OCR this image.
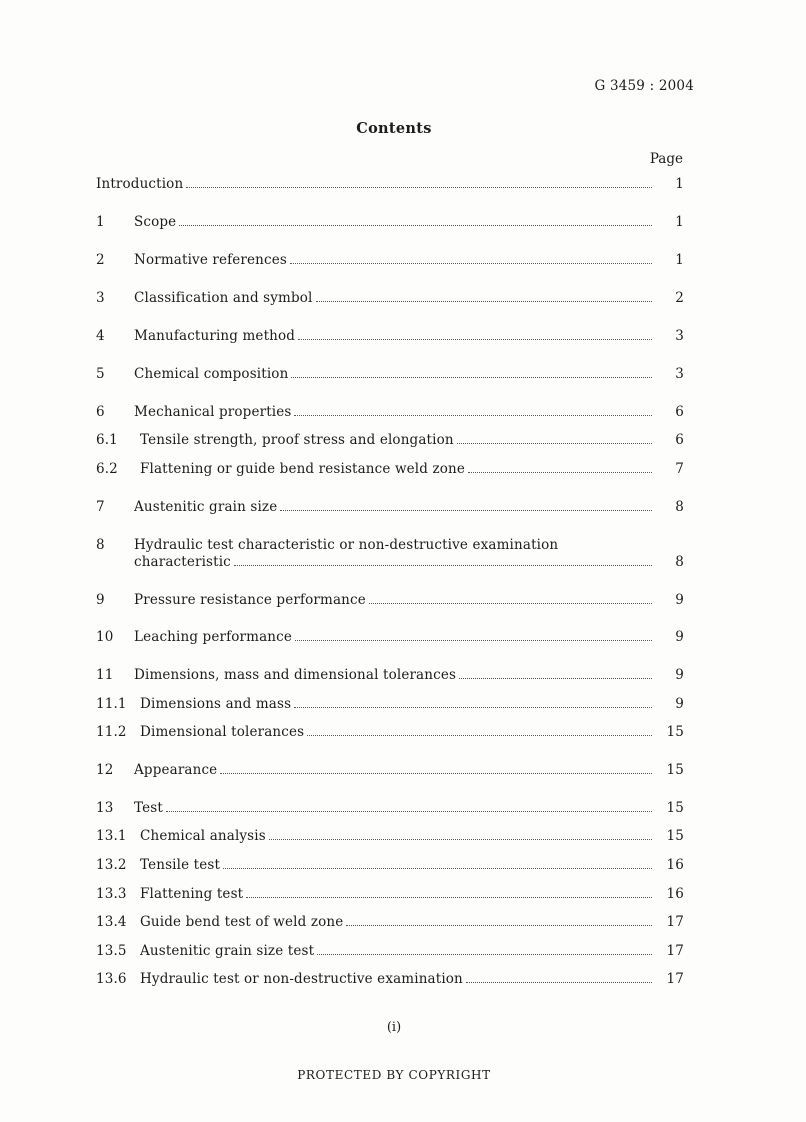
G 3459 : 2004
Contents
Page
Introduction	1
1	Scope	1
2	Normative references	1
3	Classification and symbol	2
4	Manufacturing method	3
5	Chemical composition	3
6	Mechanical properties	6
6.1	Tensile strength, proof stress and elongation	6
6.2	Flattening or guide bend resistance weld zone	7
7	Austenitic grain size	8
8	Hydraulic test characteristic or non-destructive examination
characteristic	8
9	Pressure resistance performance	9
10	Leaching performance	9
11	Dimensions, mass and dimensional tolerances	9
11.1 Dimensions and mass	9
11.2 Dimensional tolerances	15
12	Appearance	15
13	Test	15
13.1 Chemical analysis	15
13.2 Tensile test	16
13.3 Flattening test	16
13.4 Guide bend test of weld zone	17
13.5 Austenitic grain size test	17
13.6 Hydraulic test or non-destructive examination	17
(i)
PROTECTED BY COPYRIGHT
